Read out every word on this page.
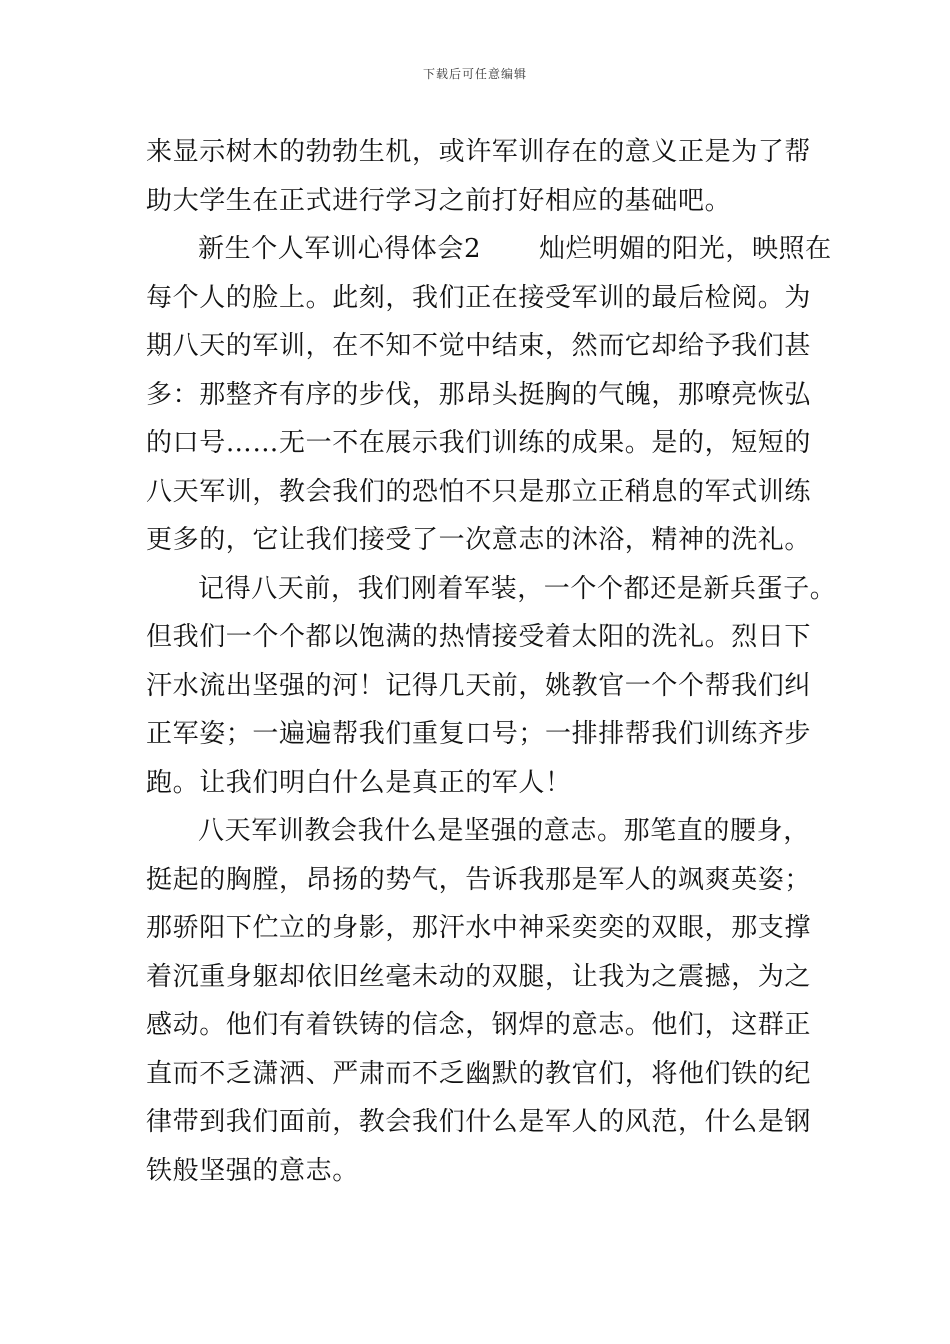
下载后可任意编辑
来显示树木的勃勃生机，或许军训存在的意义正是为了帮
助大学生在正式进行学习之前打好相应的基础吧。
新生个人军训心得体会2 灿烂明媚的阳光，映照在
每个人的脸上。此刻，我们正在接受军训的最后检阅。为
期八天的军训，在不知不觉中结束，然而它却给予我们甚
多：那整齐有序的步伐，那昂头挺胸的气魄，那嘹亮恢弘
的口号……无一不在展示我们训练的成果。是的，短短的
八天军训，教会我们的恐怕不只是那立正稍息的军式训练
更多的，它让我们接受了一次意志的沐浴，精神的洗礼。
记得八天前，我们刚着军装，一个个都还是新兵蛋子。
但我们一个个都以饱满的热情接受着太阳的洗礼。烈日下
汗水流出坚强的河！记得几天前，姚教官一个个帮我们纠
正军姿；一遍遍帮我们重复口号；一排排帮我们训练齐步
跑。让我们明白什么是真正的军人！
八天军训教会我什么是坚强的意志。那笔直的腰身，
挺起的胸膛，昂扬的势气，告诉我那是军人的飒爽英姿；
那骄阳下伫立的身影，那汗水中神采奕奕的双眼，那支撑
着沉重身躯却依旧丝毫未动的双腿，让我为之震撼，为之
感动。他们有着铁铸的信念，钢焊的意志。他们，这群正
直而不乏潇洒、严肃而不乏幽默的教官们，将他们铁的纪
律带到我们面前，教会我们什么是军人的风范，什么是钢
铁般坚强的意志。
